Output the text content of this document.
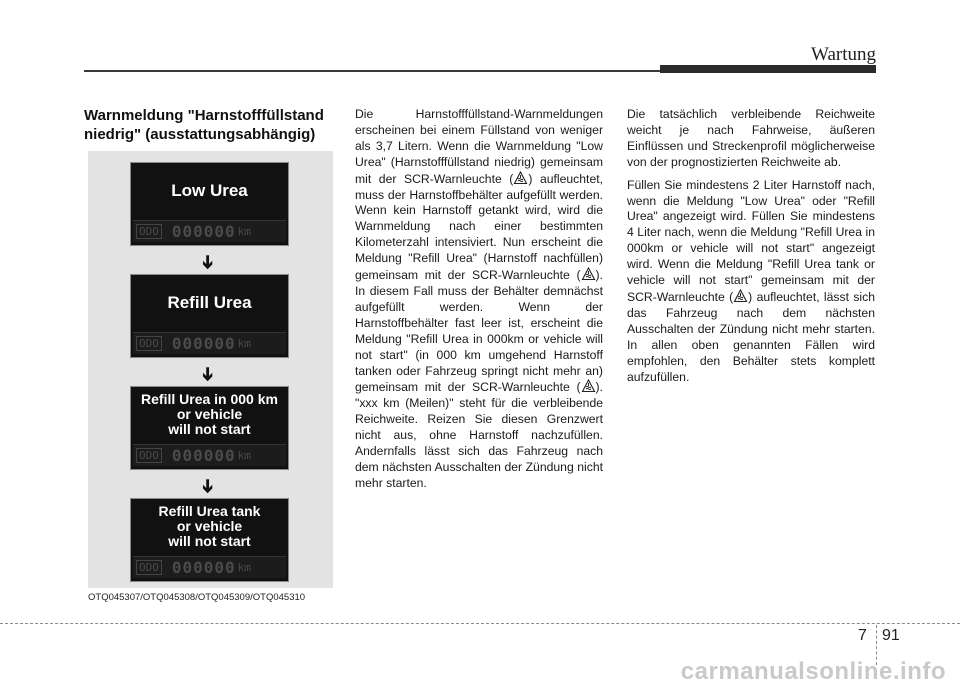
Wartung
Warnmeldung "Harnstofffüllstand niedrig" (ausstattungsabhängig)
Low Urea
ODO 000000 km
➔
Refill Urea
ODO 000000 km
➔
Refill Urea in 000 km
or vehicle
will not start
ODO 000000 km
➔
Refill Urea tank
or vehicle
will not start
ODO 000000 km
OTQ045307/OTQ045308/OTQ045309/OTQ045310

Die Harnstofffüllstand-Warnmeldungen erscheinen bei einem Füllstand von weniger als 3,7 Litern. Wenn die Warnmeldung "Low Urea" (Harnstofffüllstand niedrig) gemeinsam mit der SCR-Warnleuchte ( ) aufleuchtet, muss der Harnstoffbehälter aufgefüllt werden. Wenn kein Harnstoff getankt wird, wird die Warnmeldung nach einer bestimmten Kilometerzahl intensiviert. Nun erscheint die Meldung "Refill Urea" (Harnstoff nachfüllen) gemeinsam mit der SCR-Warnleuchte ( ). In diesem Fall muss der Behälter demnächst aufgefüllt werden. Wenn der Harnstoffbehälter fast leer ist, erscheint die Meldung "Refill Urea in 000km or vehicle will not start" (in 000 km umgehend Harnstoff tanken oder Fahrzeug springt nicht mehr an) gemeinsam mit der SCR-Warnleuchte ( ). "xxx km (Meilen)" steht für die verbleibende Reichweite. Reizen Sie diesen Grenzwert nicht aus, ohne Harnstoff nachzufüllen. Andernfalls lässt sich das Fahrzeug nach dem nächsten Ausschalten der Zündung nicht mehr starten.

Die tatsächlich verbleibende Reichweite weicht je nach Fahrweise, äußeren Einflüssen und Streckenprofil möglicherweise von der prognostizierten Reichweite ab.

Füllen Sie mindestens 2 Liter Harnstoff nach, wenn die Meldung "Low Urea" oder "Refill Urea" angezeigt wird. Füllen Sie mindestens 4 Liter nach, wenn die Meldung "Refill Urea in 000km or vehicle will not start" angezeigt wird. Wenn die Meldung "Refill Urea tank or vehicle will not start" gemeinsam mit der SCR-Warnleuchte ( ) aufleuchtet, lässt sich das Fahrzeug nach dem nächsten Ausschalten der Zündung nicht mehr starten. In allen oben genannten Fällen wird empfohlen, den Behälter stets komplett aufzufüllen.

7 91
carmanualsonline.info
